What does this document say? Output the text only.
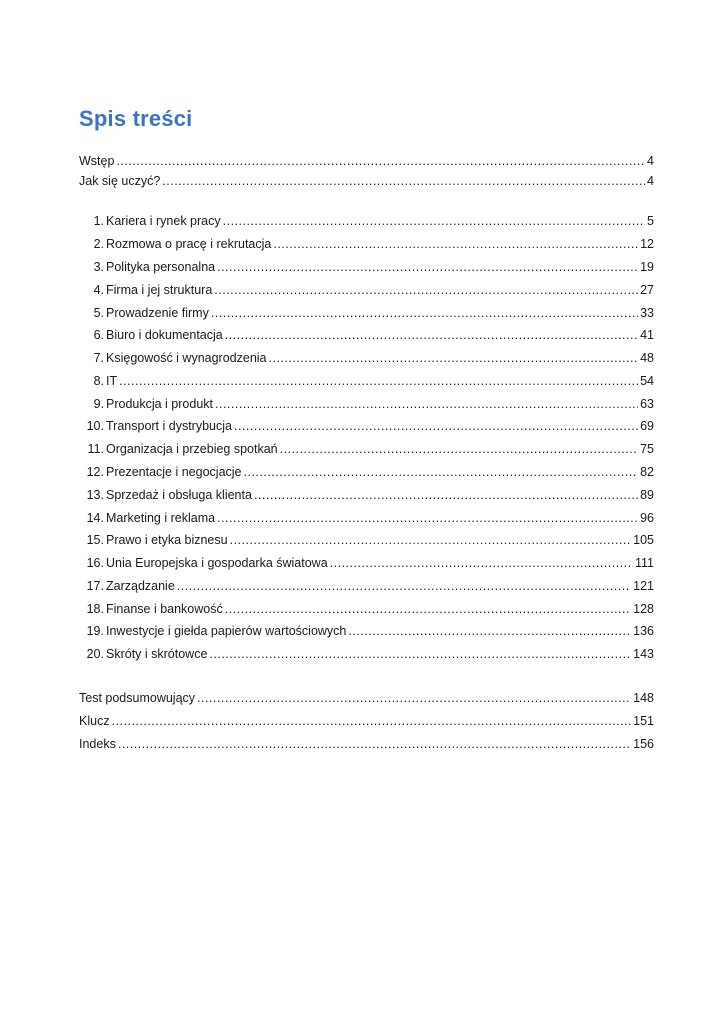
Spis treści
Wstęp .....	4
Jak się uczyć? .....	4
1. Kariera i rynek pracy .....	5
2. Rozmowa o pracę i rekrutacja .....	12
3. Polityka personalna .....	19
4. Firma i jej struktura .....	27
5. Prowadzenie firmy .....	33
6. Biuro i dokumentacja .....	41
7. Księgowość i wynagrodzenia .....	48
8. IT .....	54
9. Produkcja i produkt .....	63
10. Transport i dystrybucja .....	69
11. Organizacja i przebieg spotkań .....	75
12. Prezentacje i negocjacje .....	82
13. Sprzedaż i obsługa klienta .....	89
14. Marketing i reklama .....	96
15. Prawo i etyka biznesu .....	105
16. Unia Europejska i gospodarka światowa .....	111
17. Zarządzanie .....	121
18. Finanse i bankowość .....	128
19. Inwestycje i giełda papierów wartościowych .....	136
20. Skróty i skrótowce .....	143
Test podsumowujący .....	148
Klucz .....	151
Indeks .....	156
